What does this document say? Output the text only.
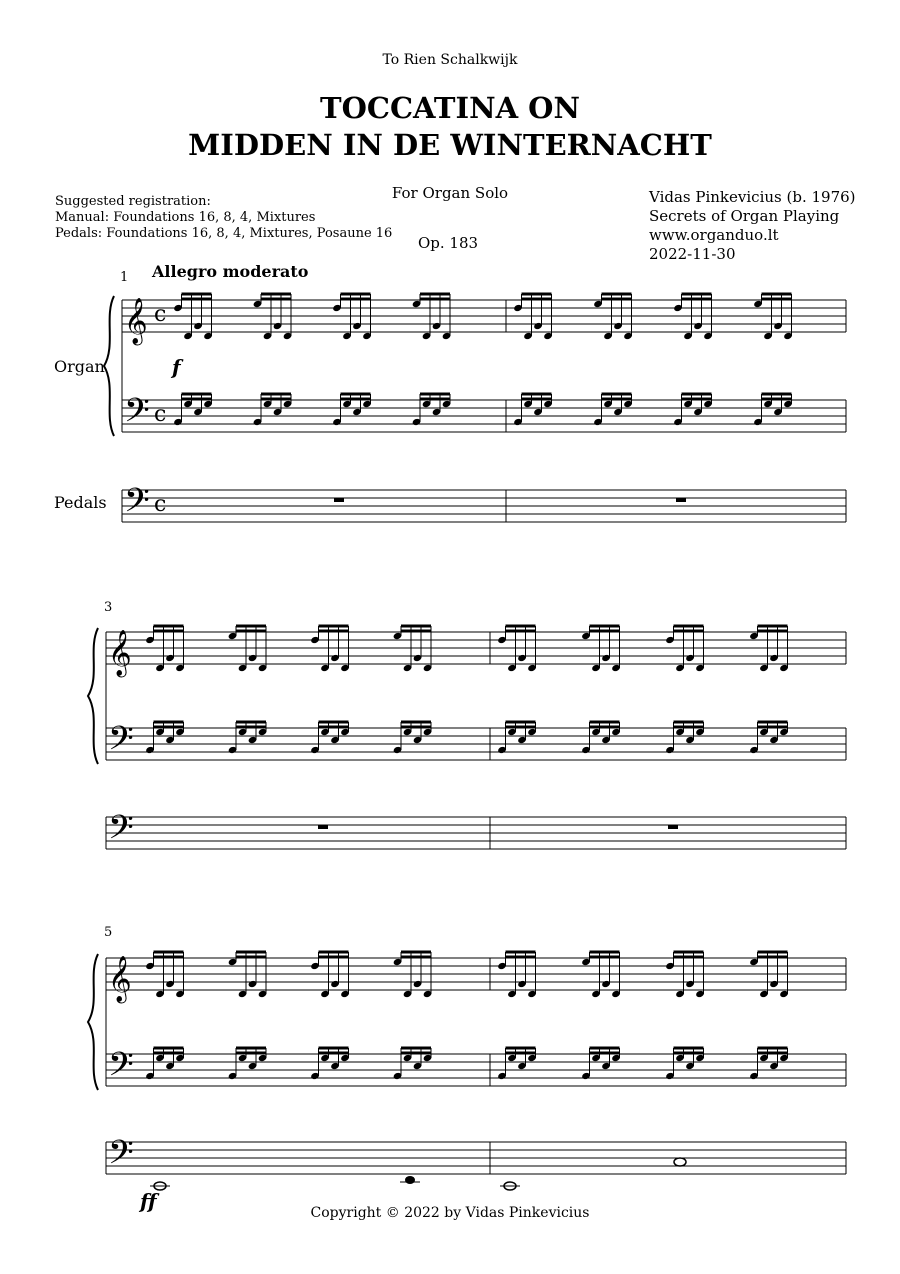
To Rien Schalkwijk
TOCCATINA ON
MIDDEN IN DE WINTERNACHT
For Organ Solo
Op. 183
Suggested registration:
Manual: Foundations 16, 8, 4, Mixtures
Pedals: Foundations 16, 8, 4, Mixtures, Posaune 16
Vidas Pinkevicius (b. 1976)
Secrets of Organ Playing
www.organduo.lt
2022-11-30
Allegro moderato
Organ
Pedals
1
3
5
Copyright © 2022 by Vidas Pinkevicius
𝄞
𝄢
𝄢
c
c
c
f
𝄞
𝄢
𝄢
𝄞
𝄢
𝄢
ff
